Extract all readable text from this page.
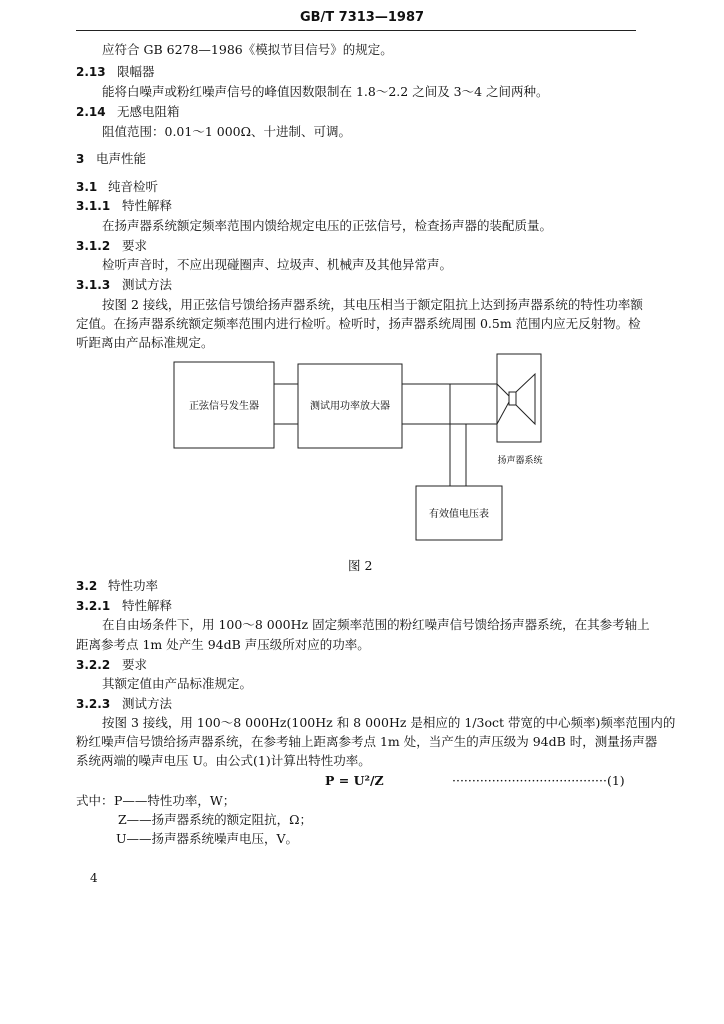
GB/T 7313—1987
应符合 GB 6278—1986《模拟节目信号》的规定。
2.13 限幅器
能将白噪声或粉红噪声信号的峰值因数限制在 1.8～2.2 之间及 3～4 之间两种。
2.14 无感电阻箱
阻值范围：0.01～1 000Ω、十进制、可调。
3 电声性能
3.1 纯音检听
3.1.1 特性解释
在扬声器系统额定频率范围内馈给规定电压的正弦信号，检查扬声器的装配质量。
3.1.2 要求
检听声音时，不应出现碰圈声、垃圾声、机械声及其他异常声。
3.1.3 测试方法
按图 2 接线，用正弦信号馈给扬声器系统，其电压相当于额定阻抗上达到扬声器系统的特性功率额
定值。在扬声器系统额定频率范围内进行检听。检听时，扬声器系统周围 0.5m 范围内应无反射物。检
听距离由产品标准规定。
正弦信号发生器	测试用功率放大器
有效值电压表
扬声器系统
图 2
3.2 特性功率
3.2.1 特性解释
在自由场条件下，用 100～8 000Hz 固定频率范围的粉红噪声信号馈给扬声器系统，在其参考轴上
距离参考点 1m 处产生 94dB 声压级所对应的功率。
3.2.2 要求
其额定值由产品标准规定。
3.2.3 测试方法
按图 3 接线，用 100～8 000Hz(100Hz 和 8 000Hz 是相应的 1/3oct 带宽的中心频率)频率范围内的
粉红噪声信号馈给扬声器系统，在参考轴上距离参考点 1m 处，当产生的声压级为 94dB 时，测量扬声器
系统两端的噪声电压 U。由公式(1)计算出特性功率。
P = U²/Z	·······································(1)
式中： P——特性功率，W；
Z——扬声器系统的额定阻抗，Ω；
U——扬声器系统噪声电压，V。
4
